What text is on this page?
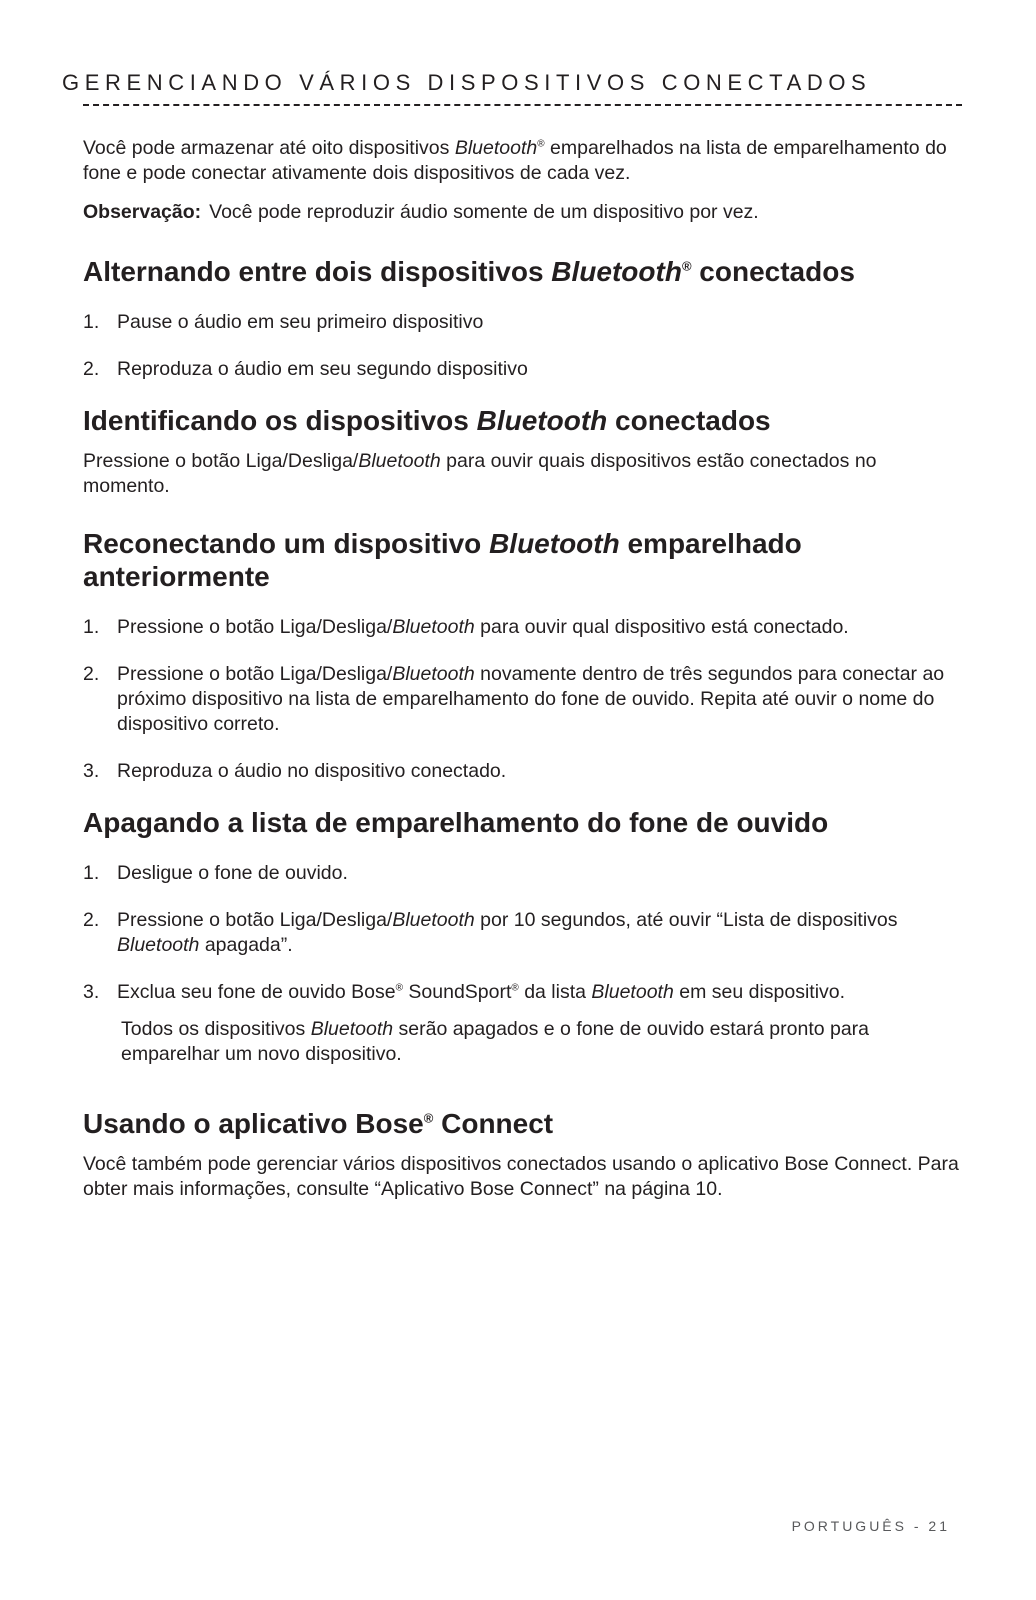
GERENCIANDO VÁRIOS DISPOSITIVOS CONECTADOS

Você pode armazenar até oito dispositivos Bluetooth® emparelhados na lista de emparelhamento do fone e pode conectar ativamente dois dispositivos de cada vez.

Observação: Você pode reproduzir áudio somente de um dispositivo por vez.

Alternando entre dois dispositivos Bluetooth® conectados
1. Pause o áudio em seu primeiro dispositivo
2. Reproduza o áudio em seu segundo dispositivo
Identificando os dispositivos Bluetooth conectados

Pressione o botão Liga/Desliga/Bluetooth para ouvir quais dispositivos estão conectados no momento.

Reconectando um dispositivo Bluetooth emparelhado anteriormente
1. Pressione o botão Liga/Desliga/Bluetooth para ouvir qual dispositivo está conectado.
2. Pressione o botão Liga/Desliga/Bluetooth novamente dentro de três segundos para conectar ao próximo dispositivo na lista de emparelhamento do fone de ouvido. Repita até ouvir o nome do dispositivo correto.
3. Reproduza o áudio no dispositivo conectado.
Apagando a lista de emparelhamento do fone de ouvido
1. Desligue o fone de ouvido.
2. Pressione o botão Liga/Desliga/Bluetooth por 10 segundos, até ouvir “Lista de dispositivos Bluetooth apagada”.
3. Exclua seu fone de ouvido Bose® SoundSport® da lista Bluetooth em seu dispositivo.

Todos os dispositivos Bluetooth serão apagados e o fone de ouvido estará pronto para emparelhar um novo dispositivo.

Usando o aplicativo Bose® Connect

Você também pode gerenciar vários dispositivos conectados usando o aplicativo Bose Connect. Para obter mais informações, consulte “Aplicativo Bose Connect” na página 10.

PORTUGUÊS - 21
